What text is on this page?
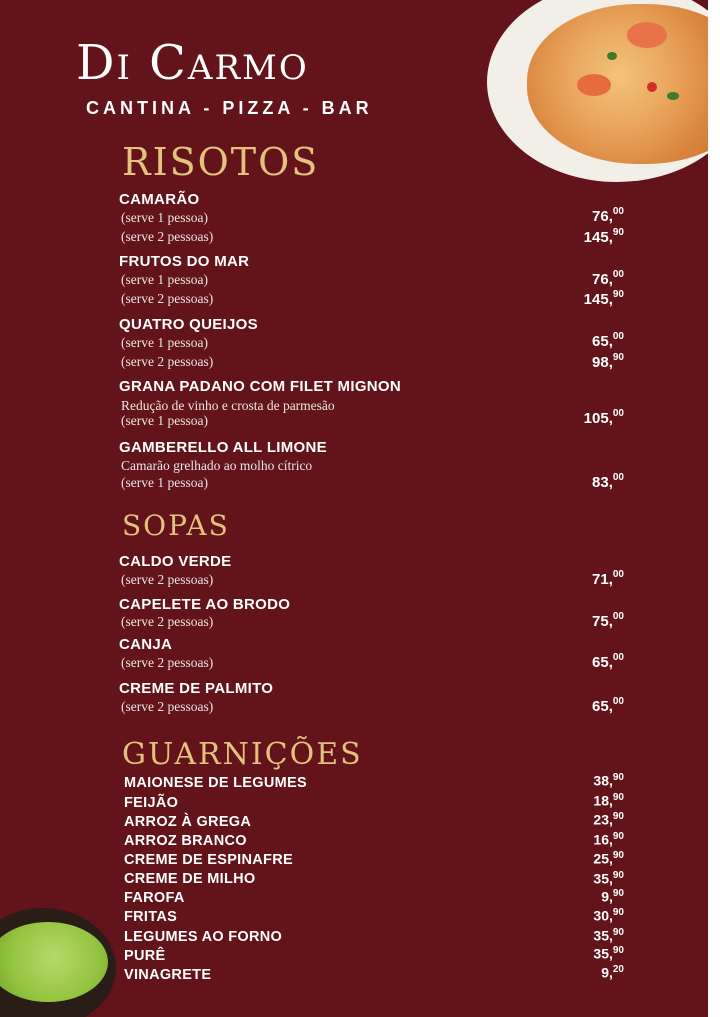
Di Carmo
CANTINA - PIZZA - BAR
RISOTOS
CAMARÃO
(serve 1 pessoa)	76,00
(serve 2 pessoas)	145,90
FRUTOS DO MAR
(serve 1 pessoa)	76,00
(serve 2 pessoas)	145,90
QUATRO QUEIJOS
(serve 1 pessoa)	65,00
(serve 2 pessoas)	98,90
GRANA PADANO COM FILET MIGNON
Redução de vinho e crosta de parmesão
(serve 1 pessoa)	105,00
GAMBERELLO ALL LIMONE
Camarão grelhado ao molho cítrico
(serve 1 pessoa)	83,00
SOPAS
CALDO VERDE
(serve 2 pessoas)	71,00
CAPELETE AO BRODO
(serve 2 pessoas)	75,00
CANJA
(serve 2 pessoas)	65,00
CREME DE PALMITO
(serve 2 pessoas)	65,00
GUARNIÇÕES
MAIONESE DE LEGUMES	38,90
FEIJÃO	18,90
ARROZ À GREGA	23,90
ARROZ BRANCO	16,90
CREME DE ESPINAFRE	25,90
CREME DE MILHO	35,90
FAROFA	9,90
FRITAS	30,90
LEGUMES AO FORNO	35,90
PURÊ	35,90
VINAGRETE	9,20
